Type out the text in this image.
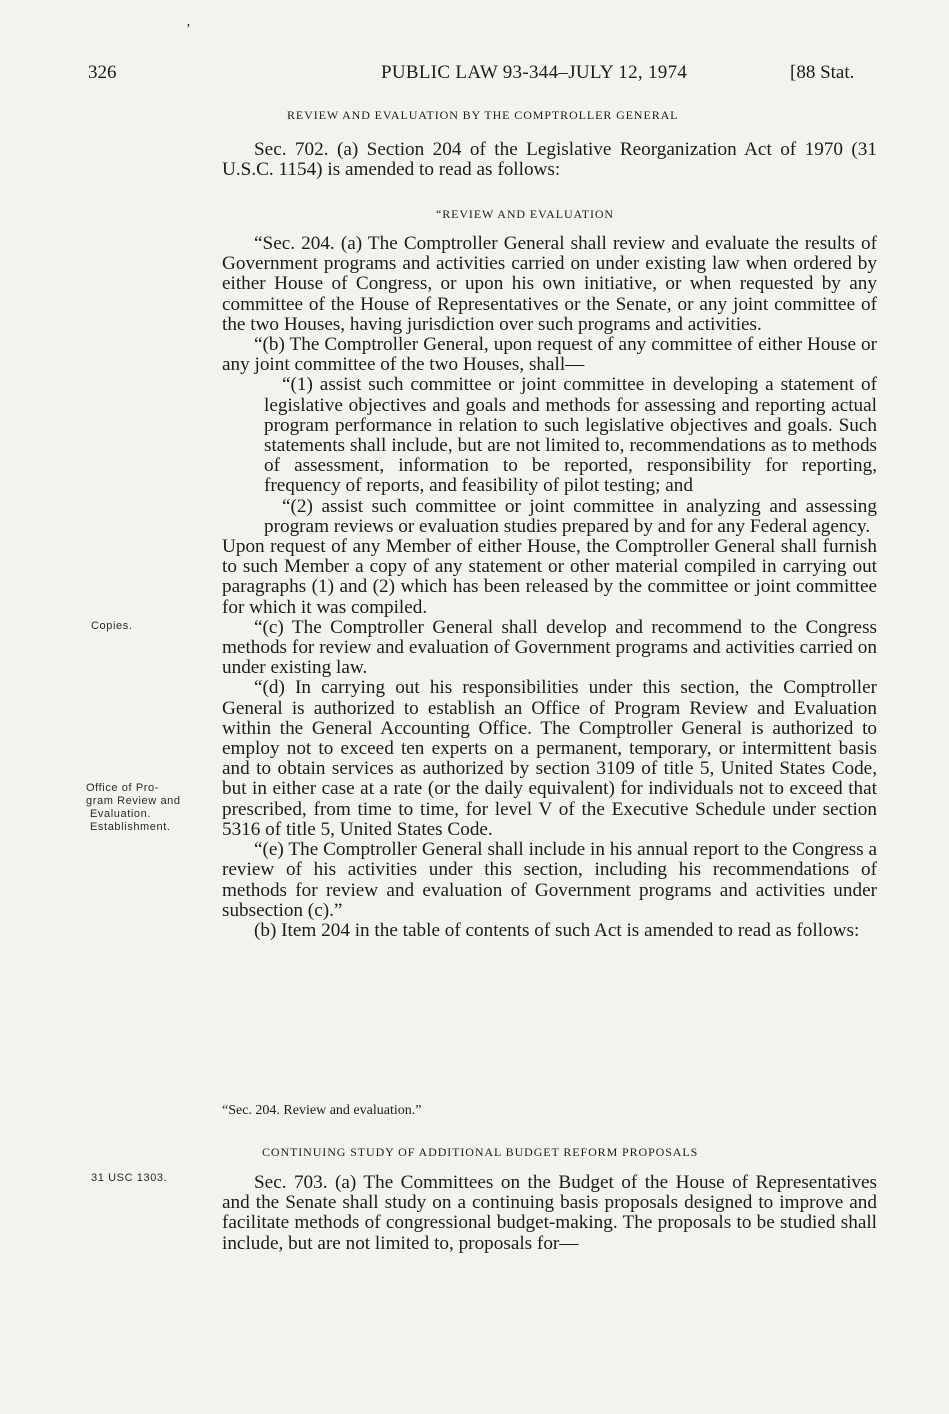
’
326	PUBLIC LAW 93-344–JULY 12, 1974	[88 Stat.
REVIEW AND EVALUATION BY THE COMPTROLLER GENERAL

Sec. 702. (a) Section 204 of the Legislative Reorganization Act of 1970 (31 U.S.C. 1154) is amended to read as follows:

“REVIEW AND EVALUATION

“Sec. 204. (a) The Comptroller General shall review and evaluate the results of Government programs and activities carried on under existing law when ordered by either House of Congress, or upon his own initiative, or when requested by any committee of the House of Representatives or the Senate, or any joint committee of the two Houses, having jurisdiction over such programs and activities.

“(b) The Comptroller General, upon request of any committee of either House or any joint committee of the two Houses, shall—

“(1) assist such committee or joint committee in developing a statement of legislative objectives and goals and methods for assessing and reporting actual program performance in relation to such legislative objectives and goals. Such statements shall include, but are not limited to, recommendations as to methods of assessment, information to be reported, responsibility for reporting, frequency of reports, and feasibility of pilot testing; and

“(2) assist such committee or joint committee in analyzing and assessing program reviews or evaluation studies prepared by and for any Federal agency.

Upon request of any Member of either House, the Comptroller General shall furnish to such Member a copy of any statement or other material compiled in carrying out paragraphs (1) and (2) which has been released by the committee or joint committee for which it was compiled.

“(c) The Comptroller General shall develop and recommend to the Congress methods for review and evaluation of Government programs and activities carried on under existing law.

“(d) In carrying out his responsibilities under this section, the Comptroller General is authorized to establish an Office of Program Review and Evaluation within the General Accounting Office. The Comptroller General is authorized to employ not to exceed ten experts on a permanent, temporary, or intermittent basis and to obtain services as authorized by section 3109 of title 5, United States Code, but in either case at a rate (or the daily equivalent) for individuals not to exceed that prescribed, from time to time, for level V of the Executive Schedule under section 5316 of title 5, United States Code.

“(e) The Comptroller General shall include in his annual report to the Congress a review of his activities under this section, including his recommendations of methods for review and evaluation of Government programs and activities under subsection (c).”

(b) Item 204 in the table of contents of such Act is amended to read as follows:

“Sec. 204. Review and evaluation.”
CONTINUING STUDY OF ADDITIONAL BUDGET REFORM PROPOSALS

Sec. 703. (a) The Committees on the Budget of the House of Representatives and the Senate shall study on a continuing basis proposals designed to improve and facilitate methods of congressional budget-making. The proposals to be studied shall include, but are not limited to, proposals for—

Copies.
Office of Pro-
gram Review and
Evaluation.
Establishment.
31 USC 1303.
